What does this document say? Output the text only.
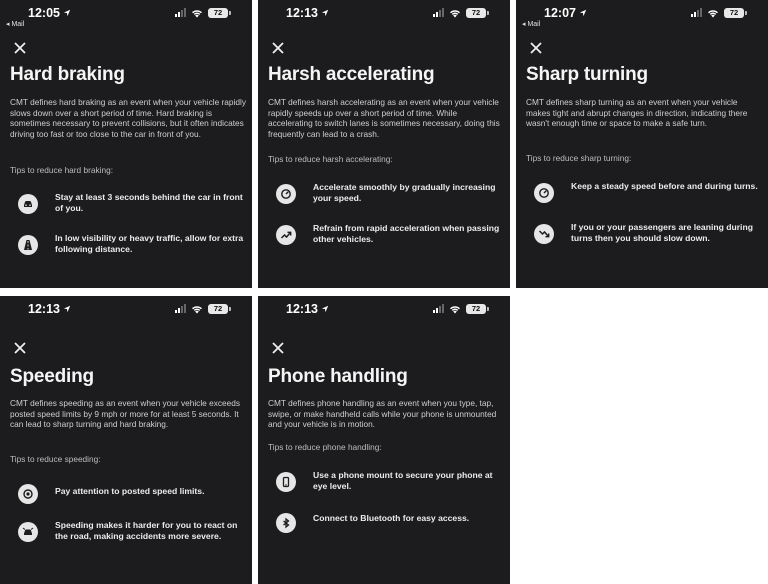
12:05
◂ Mail
72
Hard braking
CMT defines hard braking as an event when your vehicle rapidly slows down over a short period of time. Hard braking is sometimes necessary to prevent collisions, but it often indicates driving too fast or too close to the car in front of you.
Tips to reduce hard braking:
Stay at least 3 seconds behind the car in front of you.
In low visibility or heavy traffic, allow for extra following distance.
12:13	72
Harsh accelerating
CMT defines harsh accelerating as an event when your vehicle rapidly speeds up over a short period of time. While accelerating to switch lanes is sometimes necessary, doing this frequently can lead to a crash.
Tips to reduce harsh accelerating:
Accelerate smoothly by gradually increasing your speed.
Refrain from rapid acceleration when passing other vehicles.
12:07
◂ Mail
72
Sharp turning
CMT defines sharp turning as an event when your vehicle makes tight and abrupt changes in direction, indicating there wasn't enough time or space to make a safe turn.
Tips to reduce sharp turning:
Keep a steady speed before and during turns.
If you or your passengers are leaning during turns then you should slow down.
12:13	72
Speeding
CMT defines speeding as an event when your vehicle exceeds posted speed limits by 9 mph or more for at least 5 seconds. It can lead to sharp turning and hard braking.
Tips to reduce speeding:
Pay attention to posted speed limits.
Speeding makes it harder for you to react on the road, making accidents more severe.
12:13	72
Phone handling
CMT defines phone handling as an event when you type, tap, swipe, or make handheld calls while your phone is unmounted and your vehicle is in motion.
Tips to reduce phone handling:
Use a phone mount to secure your phone at eye level.
Connect to Bluetooth for easy access.
